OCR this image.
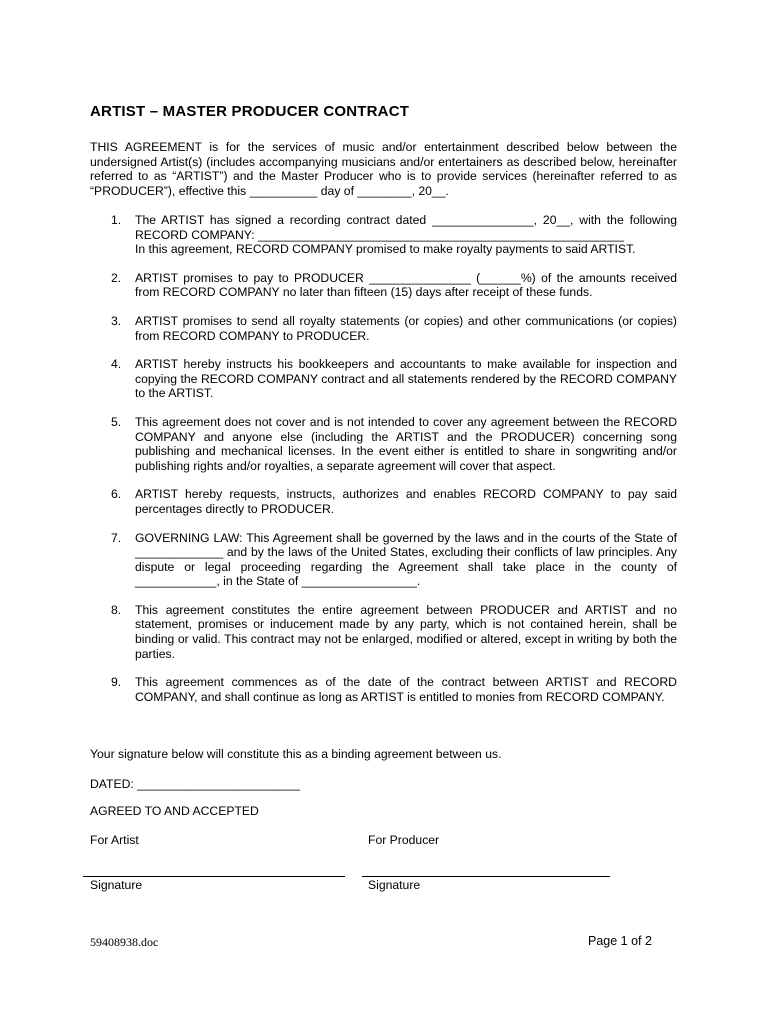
ARTIST – MASTER PRODUCER CONTRACT
THIS AGREEMENT is for the services of music and/or entertainment described below between the undersigned Artist(s) (includes accompanying musicians and/or entertainers as described below, hereinafter referred to as “ARTIST”) and the Master Producer who is to provide services (hereinafter referred to as “PRODUCER”), effective this __________ day of ________, 20__.
1. The ARTIST has signed a recording contract dated _______________, 20__, with the following RECORD COMPANY: ______________________________________________________
In this agreement, RECORD COMPANY promised to make royalty payments to said ARTIST.
2. ARTIST promises to pay to PRODUCER _______________ (______%) of the amounts received from RECORD COMPANY no later than fifteen (15) days after receipt of these funds.
3. ARTIST promises to send all royalty statements (or copies) and other communications (or copies) from RECORD COMPANY to PRODUCER.
4. ARTIST hereby instructs his bookkeepers and accountants to make available for inspection and copying the RECORD COMPANY contract and all statements rendered by the RECORD COMPANY to the ARTIST.
5. This agreement does not cover and is not intended to cover any agreement between the RECORD COMPANY and anyone else (including the ARTIST and the PRODUCER) concerning song publishing and mechanical licenses. In the event either is entitled to share in songwriting and/or publishing rights and/or royalties, a separate agreement will cover that aspect.
6. ARTIST hereby requests, instructs, authorizes and enables RECORD COMPANY to pay said percentages directly to PRODUCER.
7. GOVERNING LAW: This Agreement shall be governed by the laws and in the courts of the State of _____________ and by the laws of the United States, excluding their conflicts of law principles. Any dispute or legal proceeding regarding the Agreement shall take place in the county of ____________, in the State of _________________.
8. This agreement constitutes the entire agreement between PRODUCER and ARTIST and no statement, promises or inducement made by any party, which is not contained herein, shall be binding or valid. This contract may not be enlarged, modified or altered, except in writing by both the parties.
9. This agreement commences as of the date of the contract between ARTIST and RECORD COMPANY, and shall continue as long as ARTIST is entitled to monies from RECORD COMPANY.
Your signature below will constitute this as a binding agreement between us.
DATED: ________________________
AGREED TO AND ACCEPTED
For Artist	For Producer
Signature	Signature
59408938.doc	Page 1 of 2
